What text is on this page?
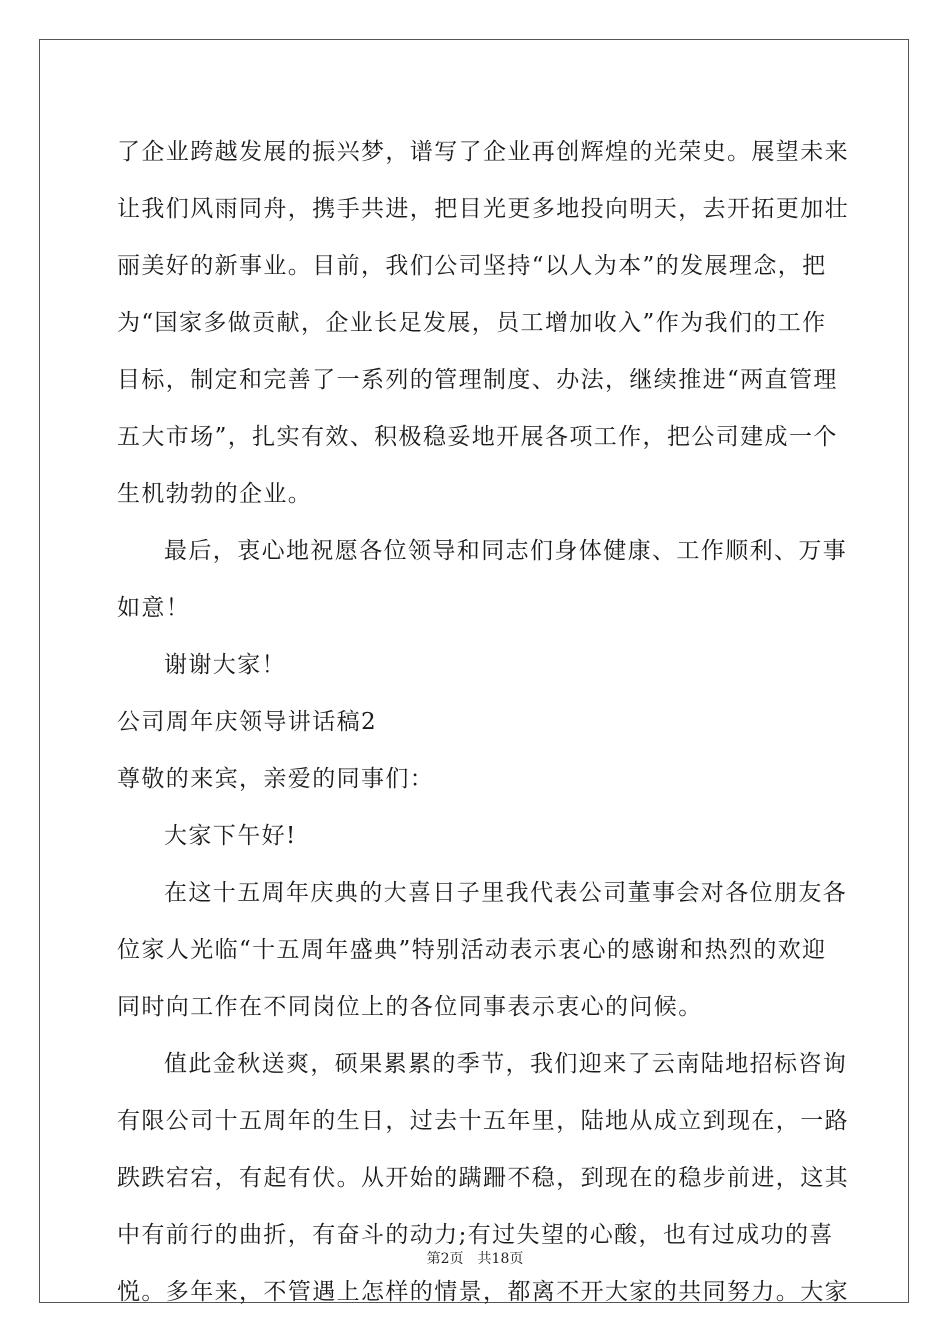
了企业跨越发展的振兴梦，谱写了企业再创辉煌的光荣史。展望未来
让我们风雨同舟，携手共进，把目光更多地投向明天，去开拓更加壮
丽美好的新事业。目前，我们公司坚持“以人为本”的发展理念，把
为“国家多做贡献，企业长足发展，员工增加收入”作为我们的工作
目标，制定和完善了一系列的管理制度、办法，继续推进“两直管理
五大市场”，扎实有效、积极稳妥地开展各项工作，把公司建成一个
生机勃勃的企业。
最后，衷心地祝愿各位领导和同志们身体健康、工作顺利、万事
如意！
谢谢大家！
公司周年庆领导讲话稿2
尊敬的来宾，亲爱的同事们：
大家下午好!
在这十五周年庆典的大喜日子里我代表公司董事会对各位朋友各
位家人光临“十五周年盛典”特别活动表示衷心的感谢和热烈的欢迎
同时向工作在不同岗位上的各位同事表示衷心的问候。
值此金秋送爽，硕果累累的季节，我们迎来了云南陆地招标咨询
有限公司十五周年的生日，过去十五年里，陆地从成立到现在，一路
跌跌宕宕，有起有伏。从开始的蹒跚不稳，到现在的稳步前进，这其
中有前行的曲折，有奋斗的动力;有过失望的心酸，也有过成功的喜
悦。多年来，不管遇上怎样的情景，都离不开大家的共同努力。大家
第2页 共18页
